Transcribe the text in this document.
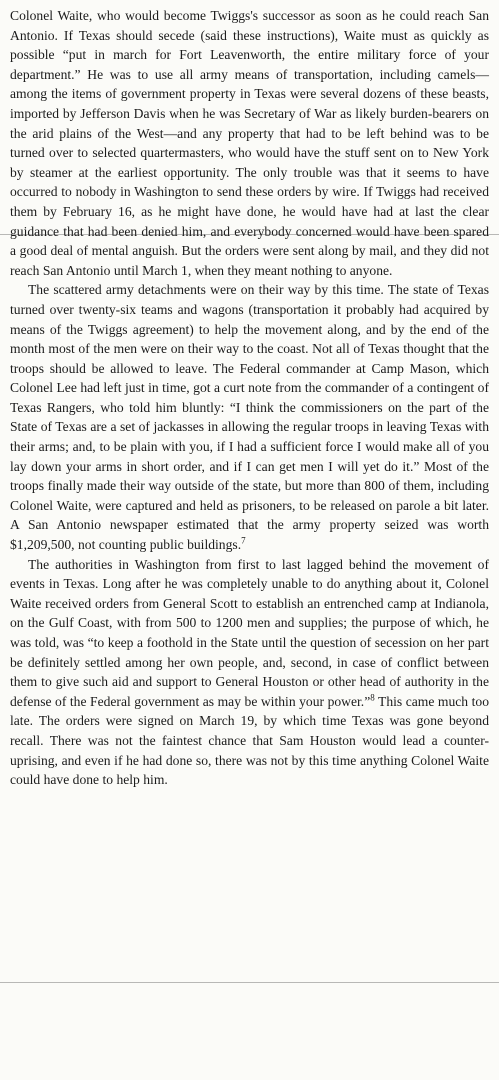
Colonel Waite, who would become Twiggs's successor as soon as he could reach San Antonio. If Texas should secede (said these instructions), Waite must as quickly as possible “put in march for Fort Leavenworth, the entire military force of your department.” He was to use all army means of transportation, including camels—among the items of government property in Texas were several dozens of these beasts, imported by Jefferson Davis when he was Secretary of War as likely burden-bearers on the arid plains of the West—and any property that had to be left behind was to be turned over to selected quartermasters, who would have the stuff sent on to New York by steamer at the earliest opportunity. The only trouble was that it seems to have occurred to nobody in Washington to send these orders by wire. If Twiggs had received them by February 16, as he might have done, he would have had at last the clear guidance that had been denied him, and everybody concerned would have been spared a good deal of mental anguish. But the orders were sent along by mail, and they did not reach San Antonio until March 1, when they meant nothing to anyone.

The scattered army detachments were on their way by this time. The state of Texas turned over twenty-six teams and wagons (transportation it probably had acquired by means of the Twiggs agreement) to help the movement along, and by the end of the month most of the men were on their way to the coast. Not all of Texas thought that the troops should be allowed to leave. The Federal commander at Camp Mason, which Colonel Lee had left just in time, got a curt note from the commander of a contingent of Texas Rangers, who told him bluntly: “I think the commissioners on the part of the State of Texas are a set of jackasses in allowing the regular troops in leaving Texas with their arms; and, to be plain with you, if I had a sufficient force I would make all of you lay down your arms in short order, and if I can get men I will yet do it.” Most of the troops finally made their way outside of the state, but more than 800 of them, including Colonel Waite, were captured and held as prisoners, to be released on parole a bit later. A San Antonio newspaper estimated that the army property seized was worth $1,209,500, not counting public buildings.$^7$

The authorities in Washington from first to last lagged behind the movement of events in Texas. Long after he was completely unable to do anything about it, Colonel Waite received orders from General Scott to establish an entrenched camp at Indianola, on the Gulf Coast, with from 500 to 1200 men and supplies; the purpose of which, he was told, was “to keep a foothold in the State until the question of secession on her part be definitely settled among her own people, and, second, in case of conflict between them to give such aid and support to General Houston or other head of authority in the defense of the Federal government as may be within your power.”$^8$ This came much too late. The orders were signed on March 19, by which time Texas was gone beyond recall. There was not the faintest chance that Sam Houston would lead a counter-uprising, and even if he had done so, there was not by this time anything Colonel Waite could have done to help him.
